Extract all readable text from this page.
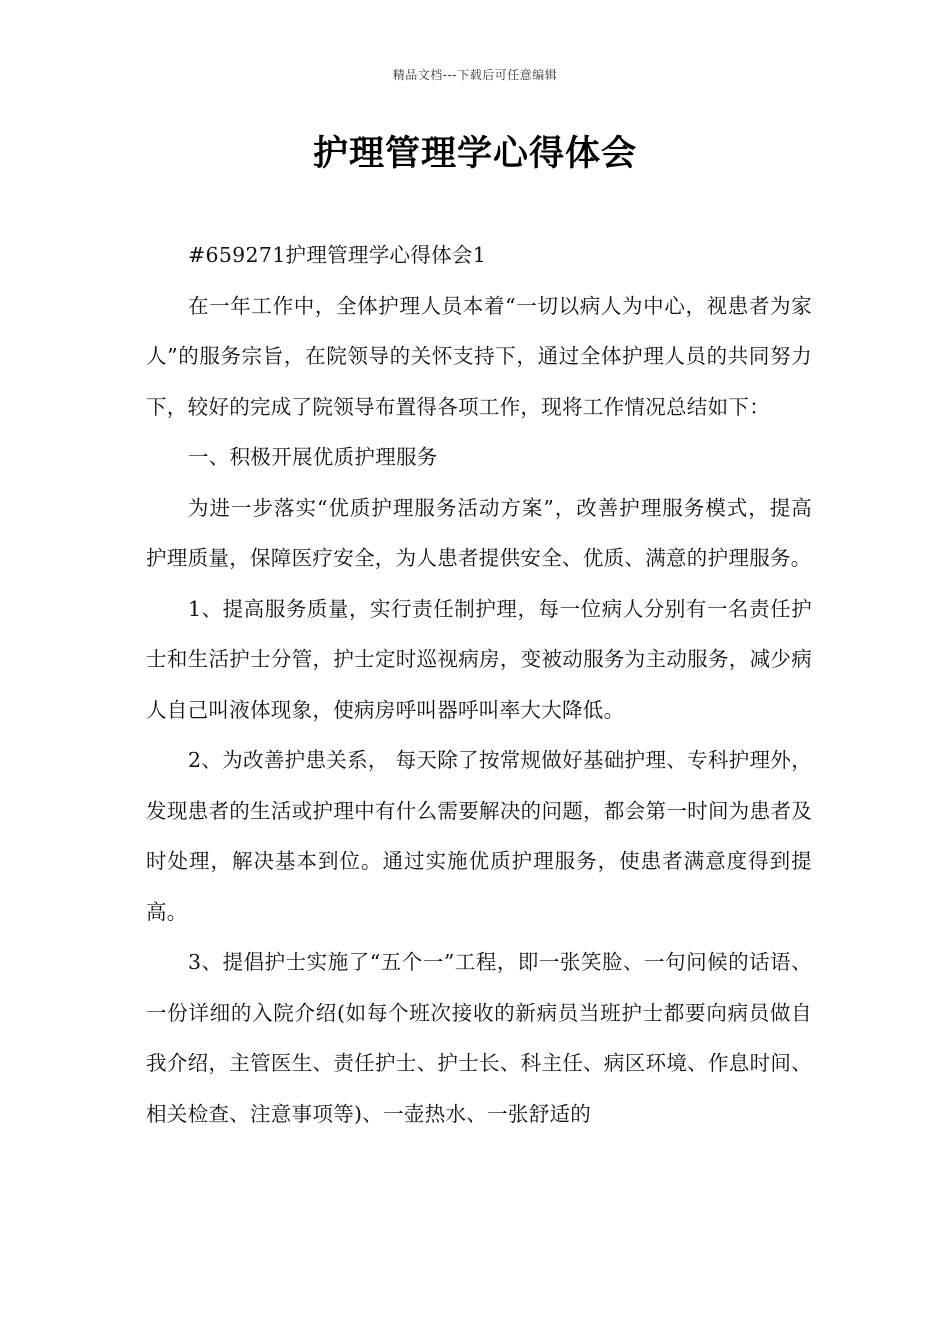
精品文档---下载后可任意编辑
护理管理学心得体会

#659271护理管理学心得体会1

在一年工作中，全体护理人员本着“一切以病人为中心，视患者为家人”的服务宗旨，在院领导的关怀支持下，通过全体护理人员的共同努力下，较好的完成了院领导布置得各项工作，现将工作情况总结如下：

一、积极开展优质护理服务

为进一步落实“优质护理服务活动方案”，改善护理服务模式，提高护理质量，保障医疗安全，为人患者提供安全、优质、满意的护理服务。

1、提高服务质量，实行责任制护理，每一位病人分别有一名责任护士和生活护士分管，护士定时巡视病房，变被动服务为主动服务，减少病人自己叫液体现象，使病房呼叫器呼叫率大大降低。

2、为改善护患关系， 每天除了按常规做好基础护理、专科护理外，发现患者的生活或护理中有什么需要解决的问题，都会第一时间为患者及时处理，解决基本到位。通过实施优质护理服务，使患者满意度得到提高。

3、提倡护士实施了“五个一”工程，即一张笑脸、一句问候的话语、一份详细的入院介绍(如每个班次接收的新病员当班护士都要向病员做自我介绍，主管医生、责任护士、护士长、科主任、病区环境、作息时间、相关检查、注意事项等)、一壶热水、一张舒适的
